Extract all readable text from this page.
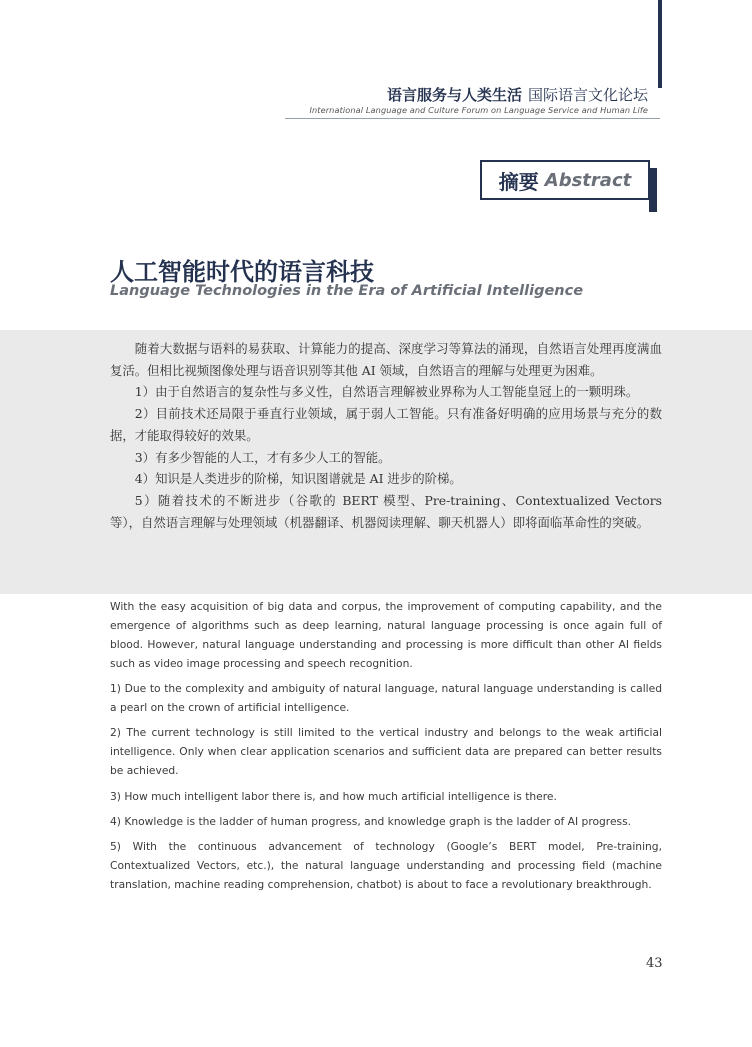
语言服务与人类生活 国际语言文化论坛
International Language and Culture Forum on Language Service and Human Life
摘要 Abstract
人工智能时代的语言科技
Language Technologies in the Era of Artificial Intelligence

随着大数据与语料的易获取、计算能力的提高、深度学习等算法的涌现，自然语言处理再度满血复活。但相比视频图像处理与语音识别等其他 AI 领域，自然语言的理解与处理更为困难。

1）由于自然语言的复杂性与多义性，自然语言理解被业界称为人工智能皇冠上的一颗明珠。

2）目前技术还局限于垂直行业领域，属于弱人工智能。只有准备好明确的应用场景与充分的数据，才能取得较好的效果。

3）有多少智能的人工，才有多少人工的智能。

4）知识是人类进步的阶梯，知识图谱就是 AI 进步的阶梯。

5）随着技术的不断进步（谷歌的 BERT 模型、Pre-training、Contextualized Vectors 等），自然语言理解与处理领域（机器翻译、机器阅读理解、聊天机器人）即将面临革命性的突破。

With the easy acquisition of big data and corpus, the improvement of computing capability, and the emergence of algorithms such as deep learning, natural language processing is once again full of blood. However, natural language understanding and processing is more difficult than other AI fields such as video image processing and speech recognition.

1) Due to the complexity and ambiguity of natural language, natural language understanding is called a pearl on the crown of artificial intelligence.

2) The current technology is still limited to the vertical industry and belongs to the weak artificial intelligence. Only when clear application scenarios and sufficient data are prepared can better results be achieved.

3) How much intelligent labor there is, and how much artificial intelligence is there.

4) Knowledge is the ladder of human progress, and knowledge graph is the ladder of AI progress.

5) With the continuous advancement of technology (Google’s BERT model, Pre-training, Contextualized Vectors, etc.), the natural language understanding and processing field (machine translation, machine reading comprehension, chatbot) is about to face a revolutionary breakthrough.

43
